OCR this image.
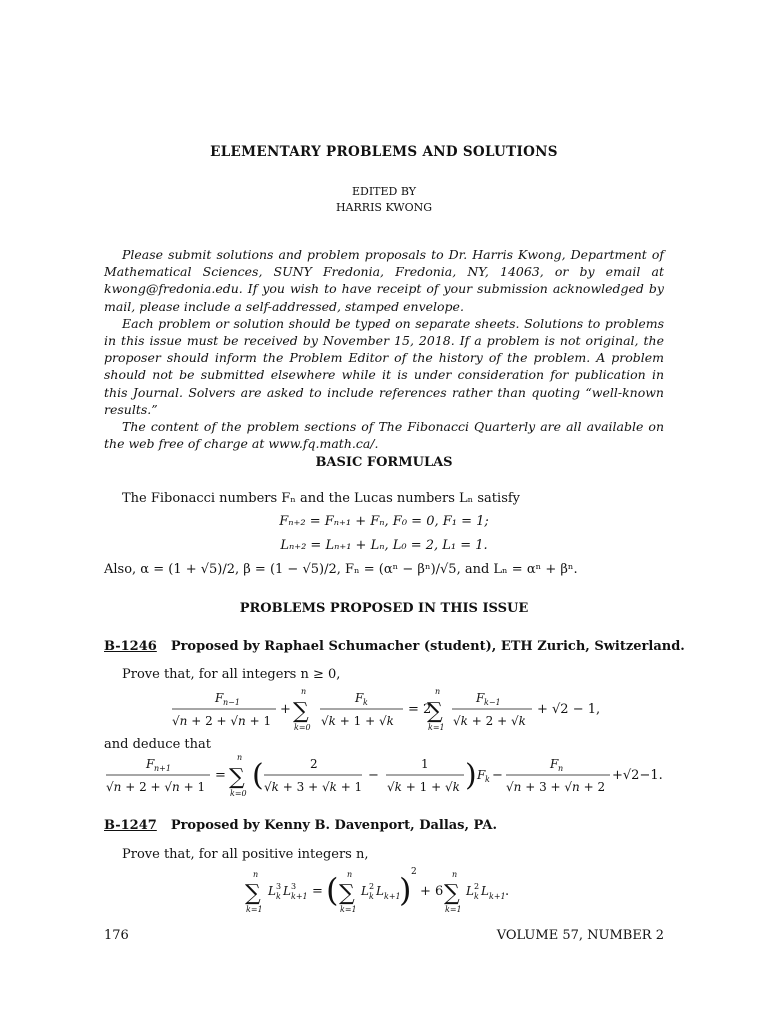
ELEMENTARY PROBLEMS AND SOLUTIONS
EDITED BY
HARRIS KWONG

Please submit solutions and problem proposals to Dr. Harris Kwong, Department of Mathematical Sciences, SUNY Fredonia, Fredonia, NY, 14063, or by email at kwong@fredonia.edu. If you wish to have receipt of your submission acknowledged by mail, please include a self-addressed, stamped envelope.

Each problem or solution should be typed on separate sheets. Solutions to problems in this issue must be received by November 15, 2018. If a problem is not original, the proposer should inform the Problem Editor of the history of the problem. A problem should not be submitted elsewhere while it is under consideration for publication in this Journal. Solvers are asked to include references rather than quoting “well-known results.”

The content of the problem sections of The Fibonacci Quarterly are all available on the web free of charge at www.fq.math.ca/.

BASIC FORMULAS
The Fibonacci numbers Fₙ and the Lucas numbers Lₙ satisfy
Fₙ₊₂ = Fₙ₊₁ + Fₙ, F₀ = 0, F₁ = 1;
Lₙ₊₂ = Lₙ₊₁ + Lₙ, L₀ = 2, L₁ = 1.
Also, α = (1 + √5)/2, β = (1 − √5)/2, Fₙ = (αⁿ − βⁿ)/√5, and Lₙ = αⁿ + βⁿ.
PROBLEMS PROPOSED IN THIS ISSUE
B-1246 Proposed by Raphael Schumacher (student), ETH Zurich, Switzerland.
Prove that, for all integers n ≥ 0,
F n−1
√n + 2 + √n + 1
+
n
∑
k=0
F k
√k + 1 + √k
= 2
n
∑
k=1
F k−1
√k + 2 + √k
+ √2 − 1,
and deduce that
F n+1
√n + 2 + √n + 1
=
n
∑
k=0
(	2
√k + 3 + √k + 1
−
1
√k + 1 + √k ) F k −
F n
√n + 3 + √n + 2
+√2−1.
B-1247 Proposed by Kenny B. Davenport, Dallas, PA.
Prove that, for all positive integers n,
n
∑
k=1
L 3
k L 3
k+1 = ( n
∑
k=1
L 2
k L k+1
) 2
+ 6
n
∑
k=1
L 2
k L k+1 .
176	VOLUME 57, NUMBER 2
